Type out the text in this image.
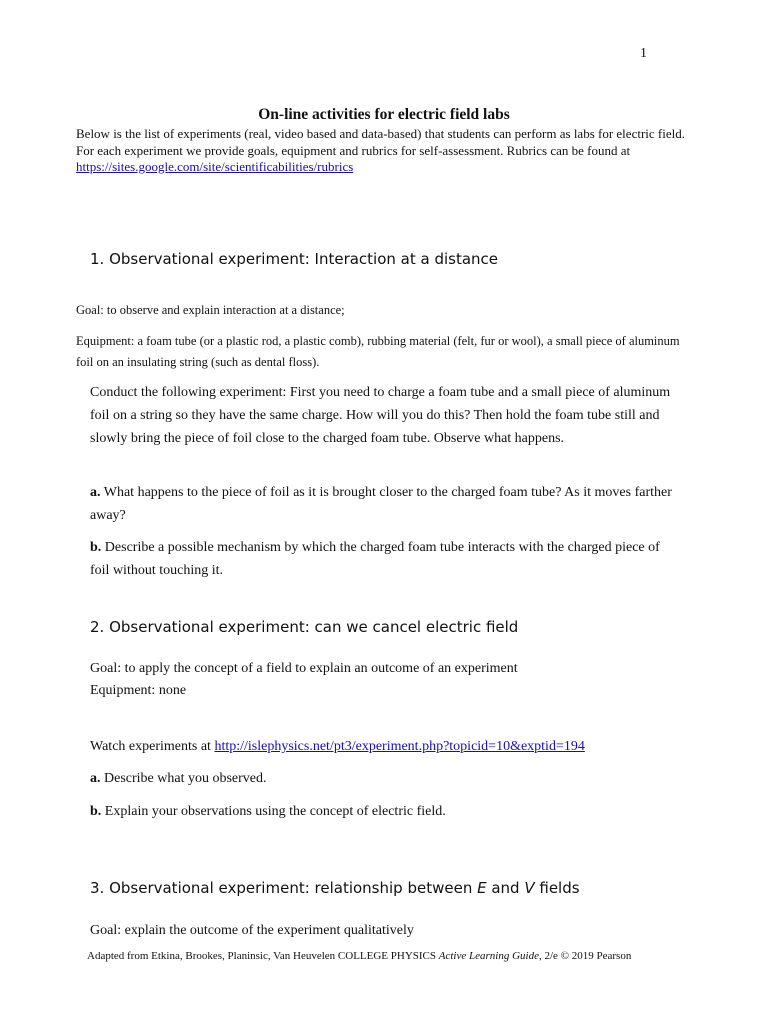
1
On-line activities for electric field labs
Below is the list of experiments (real, video based and data-based) that students can perform as labs for electric field. For each experiment we provide goals, equipment and rubrics for self-assessment. Rubrics can be found at https://sites.google.com/site/scientificabilities/rubrics
1. Observational experiment: Interaction at a distance
Goal: to observe and explain interaction at a distance;
Equipment: a foam tube (or a plastic rod, a plastic comb), rubbing material (felt, fur or wool), a small piece of aluminum foil on an insulating string (such as dental floss).
Conduct the following experiment: First you need to charge a foam tube and a small piece of aluminum foil on a string so they have the same charge. How will you do this? Then hold the foam tube still and slowly bring the piece of foil close to the charged foam tube. Observe what happens.
a. What happens to the piece of foil as it is brought closer to the charged foam tube? As it moves farther away?
b. Describe a possible mechanism by which the charged foam tube interacts with the charged piece of foil without touching it.
2. Observational experiment: can we cancel electric field
Goal: to apply the concept of a field to explain an outcome of an experiment
Equipment: none
Watch experiments at http://islephysics.net/pt3/experiment.php?topicid=10&exptid=194
a. Describe what you observed.
b. Explain your observations using the concept of electric field.
3. Observational experiment: relationship between E and V fields
Goal: explain the outcome of the experiment qualitatively
Adapted from Etkina, Brookes, Planinsic, Van Heuvelen COLLEGE PHYSICS Active Learning Guide, 2/e © 2019 Pearson
